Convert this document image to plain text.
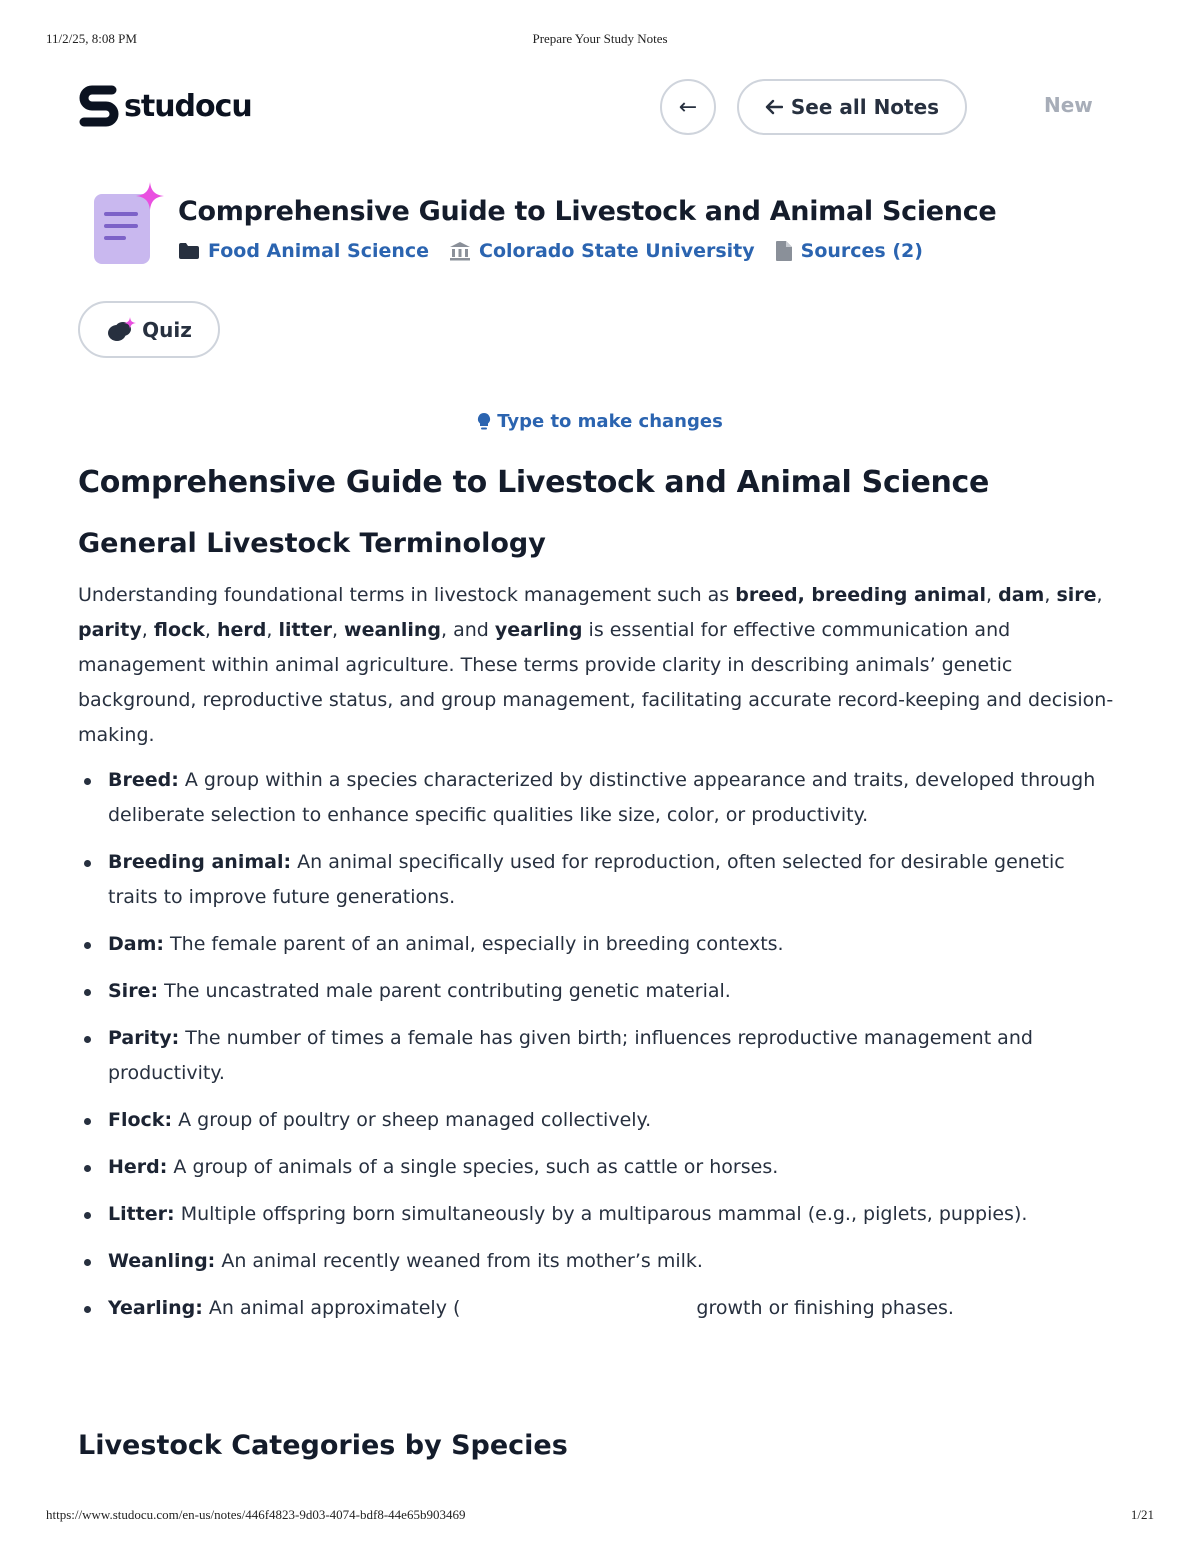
11/2/25, 8:08 PM	Prepare Your Study Notes
studocu	←	See all Notes	New
Comprehensive Guide to Livestock and Animal Science
Food Animal Science	Colorado State University Sources (2)
Quiz
Type to make changes
Comprehensive Guide to Livestock and Animal Science
General Livestock Terminology

Understanding foundational terms in livestock management such as breed, breeding animal, dam, sire, parity, flock, herd, litter, weanling, and yearling is essential for effective communication and management within animal agriculture. These terms provide clarity in describing animals’ genetic background, reproductive status, and group management, facilitating accurate record-keeping and decision-making.

Breed: A group within a species characterized by distinctive appearance and traits, developed through deliberate selection to enhance specific qualities like size, color, or productivity.
Breeding animal: An animal specifically used for reproduction, often selected for desirable genetic traits to improve future generations.
Dam: The female parent of an animal, especially in breeding contexts.
Sire: The uncastrated male parent contributing genetic material.
Parity: The number of times a female has given birth; influences reproductive management and productivity.
Flock: A group of poultry or sheep managed collectively.
Herd: A group of animals of a single species, such as cattle or horses.
Litter: Multiple offspring born simultaneously by a multiparous mammal (e.g., piglets, puppies).
Weanling: An animal recently weaned from its mother’s milk.
Yearling: An animal approximately (	growth or finishing phases.
Livestock Categories by Species
https://www.studocu.com/en-us/notes/446f4823-9d03-4074-bdf8-44e65b903469	1/21
